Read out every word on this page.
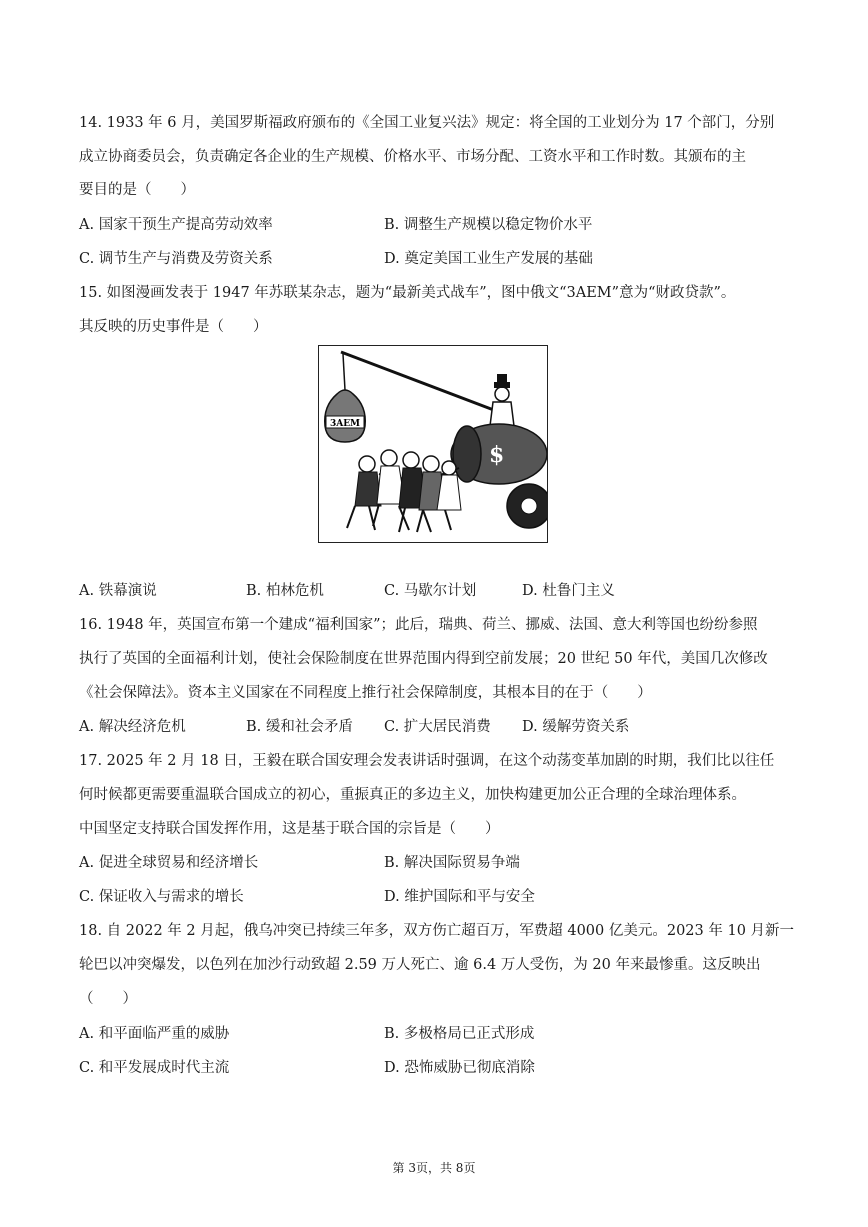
14. 1933 年 6 月，美国罗斯福政府颁布的《全国工业复兴法》规定：将全国的工业划分为 17 个部门，分别
成立协商委员会，负责确定各企业的生产规模、价格水平、市场分配、工资水平和工作时数。其颁布的主
要目的是（　　）
A. 国家干预生产提高劳动效率	B. 调整生产规模以稳定物价水平
C. 调节生产与消费及劳资关系	D. 奠定美国工业生产发展的基础
15. 如图漫画发表于 1947 年苏联某杂志，题为“最新美式战车”，图中俄文“3AEM”意为“财政贷款”。
其反映的历史事件是（　　）
3AEM
$
A. 铁幕演说	B. 柏林危机	C. 马歇尔计划	D. 杜鲁门主义
16. 1948 年，英国宣布第一个建成“福利国家”；此后，瑞典、荷兰、挪威、法国、意大利等国也纷纷参照
执行了英国的全面福利计划，使社会保险制度在世界范围内得到空前发展；20 世纪 50 年代，美国几次修改
《社会保障法》。资本主义国家在不同程度上推行社会保障制度，其根本目的在于（　　）
A. 解决经济危机	B. 缓和社会矛盾 C. 扩大居民消费 D. 缓解劳资关系
17. 2025 年 2 月 18 日，王毅在联合国安理会发表讲话时强调，在这个动荡变革加剧的时期，我们比以往任
何时候都更需要重温联合国成立的初心，重振真正的多边主义，加快构建更加公正合理的全球治理体系。
中国坚定支持联合国发挥作用，这是基于联合国的宗旨是（　　）
A. 促进全球贸易和经济增长	B. 解决国际贸易争端
C. 保证收入与需求的增长	D. 维护国际和平与安全
18. 自 2022 年 2 月起，俄乌冲突已持续三年多，双方伤亡超百万，军费超 4000 亿美元。2023 年 10 月新一
轮巴以冲突爆发，以色列在加沙行动致超 2.59 万人死亡、逾 6.4 万人受伤，为 20 年来最惨重。这反映出
（　　）
A. 和平面临严重的威胁	B. 多极格局已正式形成
C. 和平发展成时代主流	D. 恐怖威胁已彻底消除
第 3页，共 8页
